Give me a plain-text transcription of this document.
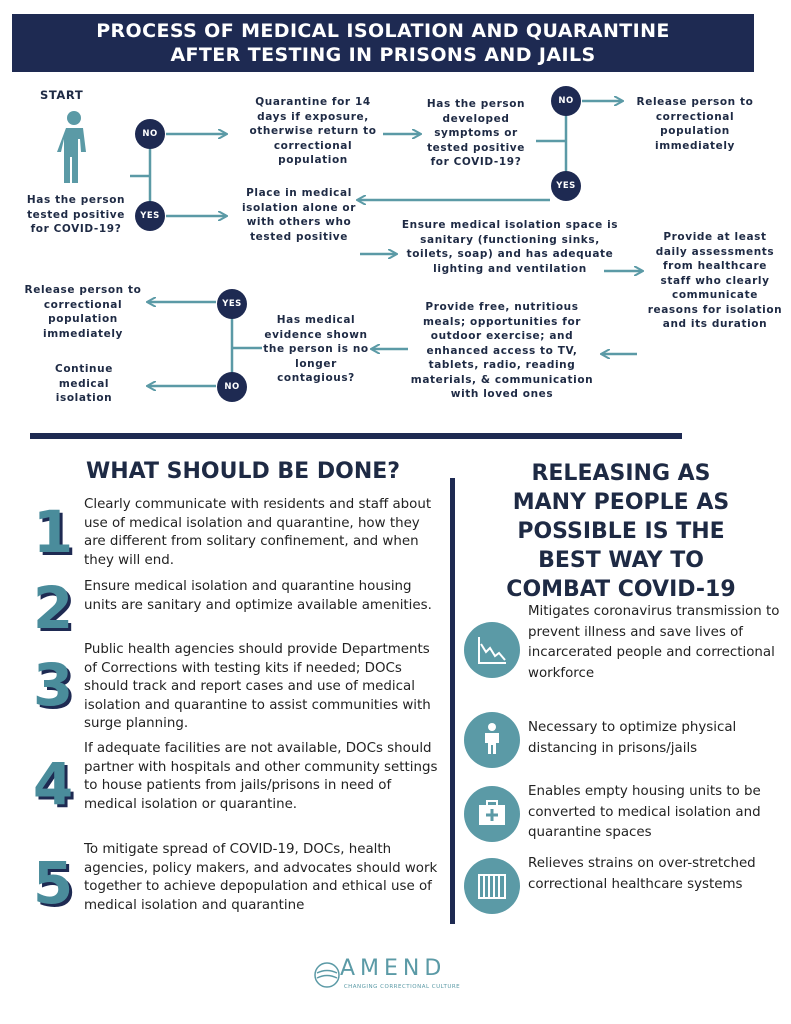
PROCESS OF MEDICAL ISOLATION AND QUARANTINE
AFTER TESTING IN PRISONS AND JAILS
START
Has the person tested positive for COVID-19?
Quarantine for 14 days if exposure, otherwise return to correctional population
Has the person developed symptoms or tested positive for COVID-19?
Release person to correctional population immediately
Place in medical isolation alone or with others who tested positive
Ensure medical isolation space is sanitary (functioning sinks, toilets, soap) and has adequate lighting and ventilation
Provide at least daily assessments from healthcare staff who clearly communicate reasons for isolation and its duration
Provide free, nutritious meals; opportunities for outdoor exercise; and enhanced access to TV, tablets, radio, reading materials, & communication with loved ones
Has medical evidence shown the person is no longer contagious?
Release person to correctional population immediately
Continue medical isolation
NO
YES
NO
YES
YES
NO
WHAT SHOULD BE DONE?
1 Clearly communicate with residents and staff about use of medical isolation and quarantine, how they are different from solitary confinement, and when they will end.
2 Ensure medical isolation and quarantine housing units are sanitary and optimize available amenities.
3
Public health agencies should provide Departments of Corrections with testing kits if needed; DOCs should track and report cases and use of medical isolation and quarantine to assist communities with surge planning.
4
If adequate facilities are not available, DOCs should partner with hospitals and other community settings to house patients from jails/prisons in need of medical isolation or quarantine.
5 To mitigate spread of COVID-19, DOCs, health agencies, policy makers, and advocates should work together to achieve depopulation and ethical use of medical isolation and quarantine
RELEASING AS
MANY PEOPLE AS
POSSIBLE IS THE
BEST WAY TO
COMBAT COVID-19
Mitigates coronavirus transmission to prevent illness and save lives of incarcerated people and correctional workforce
Necessary to optimize physical distancing in prisons/jails
Enables empty housing units to be converted to medical isolation and quarantine spaces
Relieves strains on over-stretched correctional healthcare systems
AMEND
CHANGING CORRECTIONAL CULTURE
